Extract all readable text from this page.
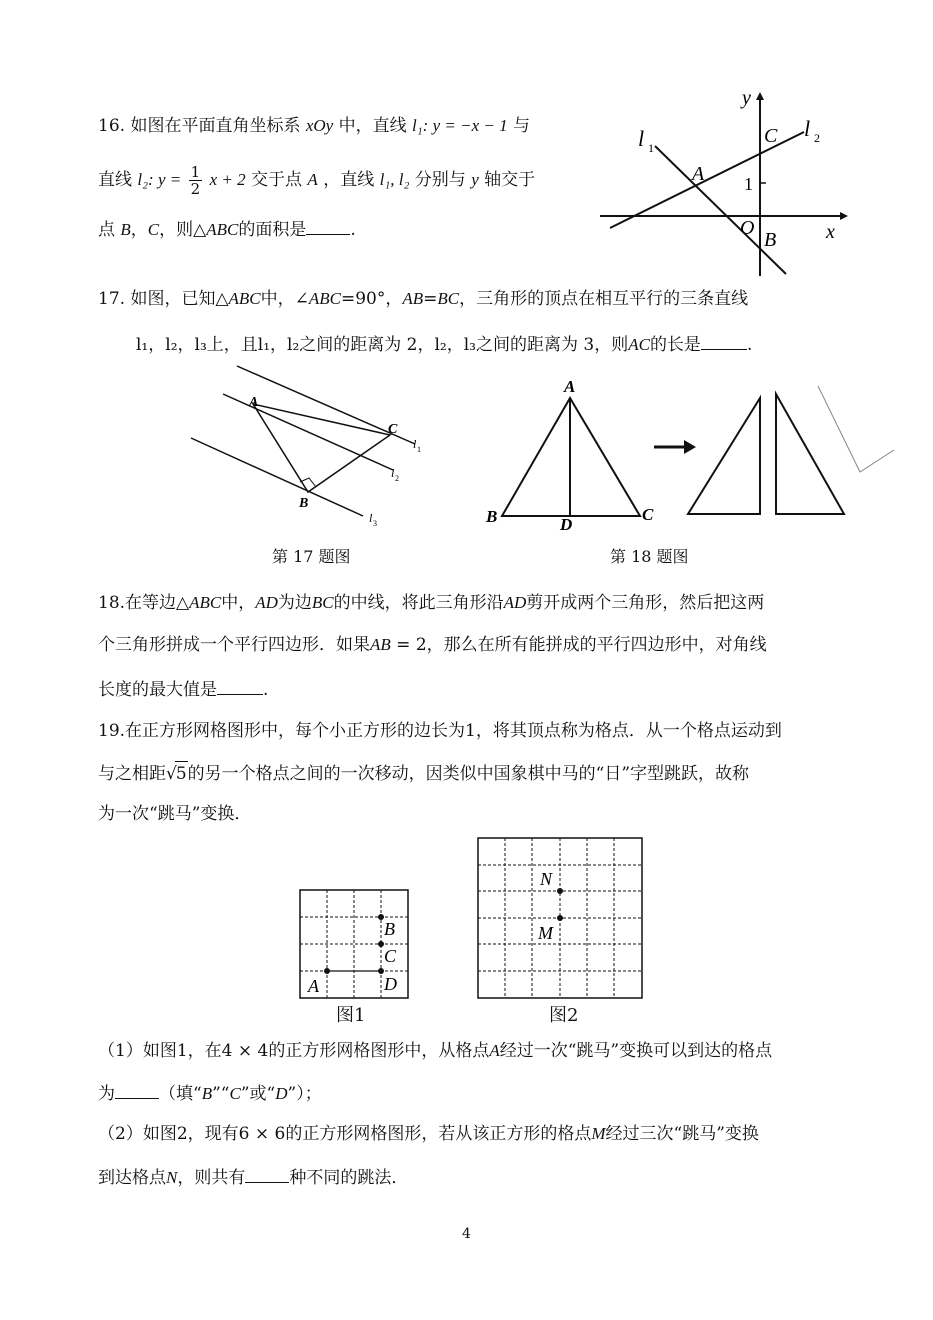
16. 如图在平面直角坐标系 xOy 中，直线 l₁: y = −x − 1 与
直线 l₂: $y = \frac{1}{2}$ x + 2 交于点 A ，直线 l₁, l₂ 分别与 y 轴交于
点 B，C，则△ABC的面积是	.
y
x
l 1
l 2
A
C
1
O
B
17. 如图，已知△ABC中，∠ABC=90°，AB=BC，三角形的顶点在相互平行的三条直线
l₁，l₂，l₃上，且l₁，l₂之间的距离为 2，l₂，l₃之间的距离为 3，则AC的长是	.
A
C
B
l 1
l 2
l 3
第 17 题图
A
B	C
D
第 18 题图
18.在等边△ABC中，AD为边BC的中线，将此三角形沿AD剪开成两个三角形，然后把这两
个三角形拼成一个平行四边形．如果AB = 2，那么在所有能拼成的平行四边形中，对角线
长度的最大值是	.
19.在正方形网格图形中，每个小正方形的边长为1，将其顶点称为格点．从一个格点运动到
与之相距√5的另一个格点之间的一次移动，因类似中国象棋中马的“日”字型跳跃，故称
为一次“跳马”变换．
A
B
C
D
图1
N
M
图2
（1）如图1，在4 × 4的正方形网格图形中，从格点A经过一次“跳马”变换可以到达的格点
为	（填“B”“C”或“D”）；
（2）如图2，现有6 × 6的正方形网格图形，若从该正方形的格点M经过三次“跳马”变换
到达格点N，则共有	种不同的跳法．
4
